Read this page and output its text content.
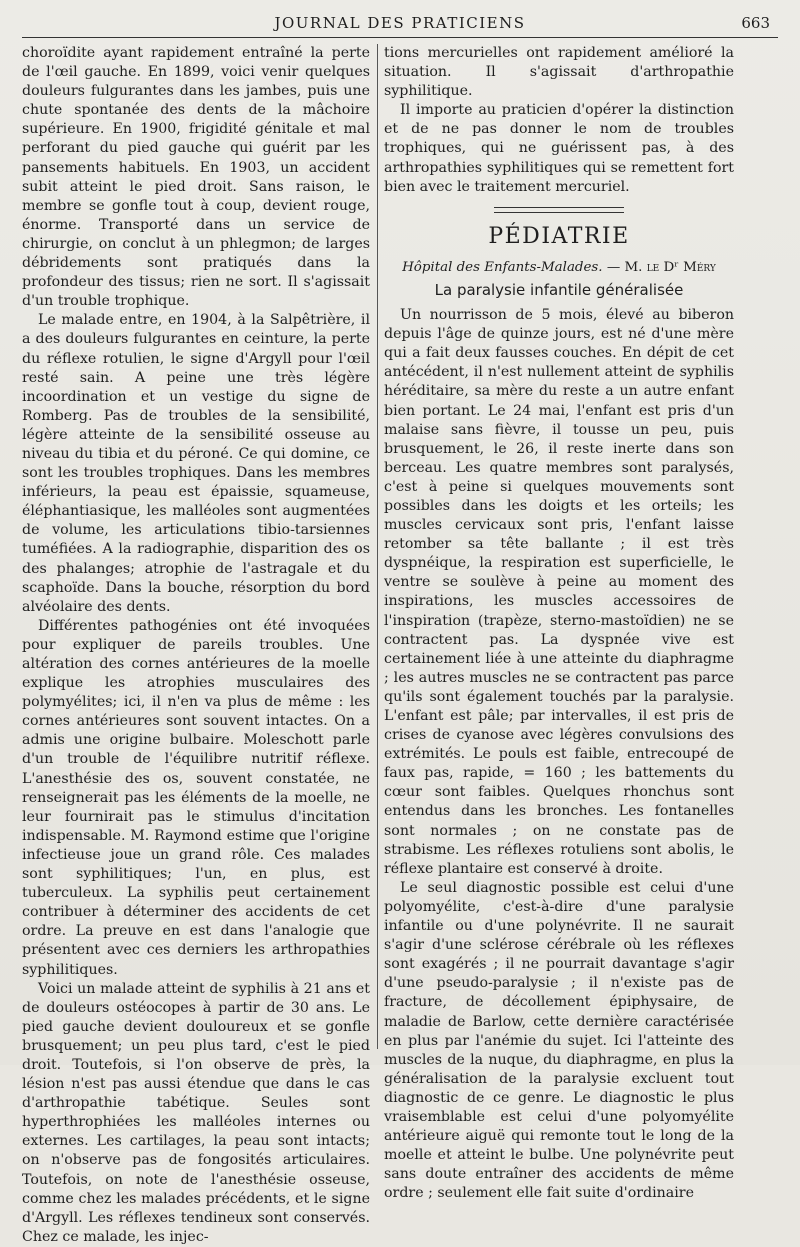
JOURNAL DES PRATICIENS	663

choroïdite ayant rapidement entraîné la perte de l'œil gauche. En 1899, voici venir quelques douleurs fulgurantes dans les jambes, puis une chute spontanée des dents de la mâchoire supérieure. En 1900, frigidité génitale et mal perforant du pied gauche qui guérit par les pansements habituels. En 1903, un accident subit atteint le pied droit. Sans raison, le membre se gonfle tout à coup, devient rouge, énorme. Transporté dans un service de chirurgie, on conclut à un phlegmon; de larges débridements sont pratiqués dans la profondeur des tissus; rien ne sort. Il s'agissait d'un trouble trophique.

Le malade entre, en 1904, à la Salpêtrière, il a des douleurs fulgurantes en ceinture, la perte du réflexe rotulien, le signe d'Argyll pour l'œil resté sain. A peine une très légère incoordination et un vestige du signe de Romberg. Pas de troubles de la sensibilité, légère atteinte de la sensibilité osseuse au niveau du tibia et du péroné. Ce qui domine, ce sont les troubles trophiques. Dans les membres inférieurs, la peau est épaissie, squameuse, éléphantiasique, les malléoles sont augmentées de volume, les articulations tibio-tarsiennes tuméfiées. A la radiographie, disparition des os des phalanges; atrophie de l'astragale et du scaphoïde. Dans la bouche, résorption du bord alvéolaire des dents.

Différentes pathogénies ont été invoquées pour expliquer de pareils troubles. Une altération des cornes antérieures de la moelle explique les atrophies musculaires des polymyélites; ici, il n'en va plus de même : les cornes antérieures sont souvent intactes. On a admis une origine bulbaire. Moleschott parle d'un trouble de l'équilibre nutritif réflexe. L'anesthésie des os, souvent constatée, ne renseignerait pas les éléments de la moelle, ne leur fournirait pas le stimulus d'incitation indispensable. M. Raymond estime que l'origine infectieuse joue un grand rôle. Ces malades sont syphilitiques; l'un, en plus, est tuberculeux. La syphilis peut certainement contribuer à déterminer des accidents de cet ordre. La preuve en est dans l'analogie que présentent avec ces derniers les arthropathies syphilitiques.

Voici un malade atteint de syphilis à 21 ans et de douleurs ostéocopes à partir de 30 ans. Le pied gauche devient douloureux et se gonfle brusquement; un peu plus tard, c'est le pied droit. Toutefois, si l'on observe de près, la lésion n'est pas aussi étendue que dans le cas d'arthropathie tabétique. Seules sont hyperthrophiées les malléoles internes ou externes. Les cartilages, la peau sont intacts; on n'observe pas de fongosités articulaires. Toutefois, on note de l'anesthésie osseuse, comme chez les malades précédents, et le signe d'Argyll. Les réflexes tendineux sont conservés. Chez ce malade, les injec-

tions mercurielles ont rapidement amélioré la situation. Il s'agissait d'arthropathie syphilitique.

Il importe au praticien d'opérer la distinction et de ne pas donner le nom de troubles trophiques, qui ne guérissent pas, à des arthropathies syphilitiques qui se remettent fort bien avec le traitement mercuriel.

PÉDIATRIE
Hôpital des Enfants-Malades. — M. le Dʳ Méry
La paralysie infantile généralisée

Un nourrisson de 5 mois, élevé au biberon depuis l'âge de quinze jours, est né d'une mère qui a fait deux fausses couches. En dépit de cet antécédent, il n'est nullement atteint de syphilis héréditaire, sa mère du reste a un autre enfant bien portant. Le 24 mai, l'enfant est pris d'un malaise sans fièvre, il tousse un peu, puis brusquement, le 26, il reste inerte dans son berceau. Les quatre membres sont paralysés, c'est à peine si quelques mouvements sont possibles dans les doigts et les orteils; les muscles cervicaux sont pris, l'enfant laisse retomber sa tête ballante ; il est très dyspnéique, la respiration est superficielle, le ventre se soulève à peine au moment des inspirations, les muscles accessoires de l'inspiration (trapèze, sterno-mastoïdien) ne se contractent pas. La dyspnée vive est certainement liée à une atteinte du diaphragme ; les autres muscles ne se contractent pas parce qu'ils sont également touchés par la paralysie. L'enfant est pâle; par intervalles, il est pris de crises de cyanose avec légères convulsions des extrémités. Le pouls est faible, entrecoupé de faux pas, rapide, = 160 ; les battements du cœur sont faibles. Quelques rhonchus sont entendus dans les bronches. Les fontanelles sont normales ; on ne constate pas de strabisme. Les réflexes rotuliens sont abolis, le réflexe plantaire est conservé à droite.

Le seul diagnostic possible est celui d'une polyomyélite, c'est-à-dire d'une paralysie infantile ou d'une polynévrite. Il ne saurait s'agir d'une sclérose cérébrale où les réflexes sont exagérés ; il ne pourrait davantage s'agir d'une pseudo-paralysie ; il n'existe pas de fracture, de décollement épiphysaire, de maladie de Barlow, cette dernière caractérisée en plus par l'anémie du sujet. Ici l'atteinte des muscles de la nuque, du diaphragme, en plus la généralisation de la paralysie excluent tout diagnostic de ce genre. Le diagnostic le plus vraisemblable est celui d'une polyomyélite antérieure aiguë qui remonte tout le long de la moelle et atteint le bulbe. Une polynévrite peut sans doute entraîner des accidents de même ordre ; seulement elle fait suite d'ordinaire
